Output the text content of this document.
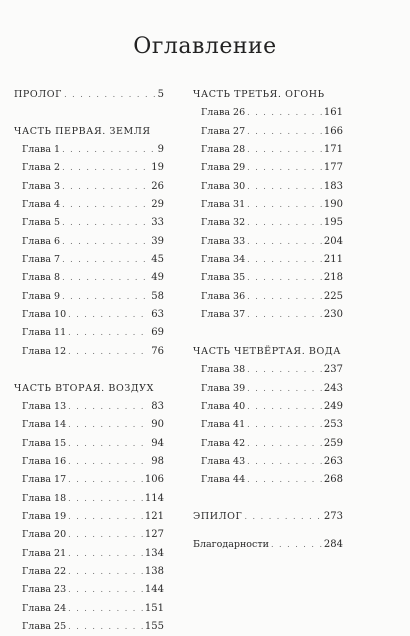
Оглавление
ПРОЛОГ . . .	5
ЧАСТЬ ПЕРВАЯ. ЗЕМЛЯ
Глава 1 . . .	9
Глава 2 . . .	19
Глава 3 . . .	26
Глава 4 . . .	29
Глава 5 . . .	33
Глава 6 . . .	39
Глава 7 . . .	45
Глава 8 . . .	49
Глава 9 . . .	58
Глава 10 . . .	63
Глава 11 . . .	69
Глава 12 . . .	76
ЧАСТЬ ВТОРАЯ. ВОЗДУХ
Глава 13 . . .	83
Глава 14 . . .	90
Глава 15 . . .	94
Глава 16 . . .	98
Глава 17 . . .	106
Глава 18 . . .	114
Глава 19 . . .	121
Глава 20 . . .	127
Глава 21 . . .	134
Глава 22 . . .	138
Глава 23 . . .	144
Глава 24 . . .	151
Глава 25 . . .	155
ЧАСТЬ ТРЕТЬЯ. ОГОНЬ
Глава 26 . . .	161
Глава 27 . . .	166
Глава 28 . . .	171
Глава 29 . . .	177
Глава 30 . . .	183
Глава 31 . . .	190
Глава 32 . . .	195
Глава 33 . . .	204
Глава 34 . . .	211
Глава 35 . . .	218
Глава 36 . . .	225
Глава 37 . . .	230
ЧАСТЬ ЧЕТВЁРТАЯ. ВОДА
Глава 38 . . .	237
Глава 39 . . .	243
Глава 40 . . .	249
Глава 41 . . .	253
Глава 42 . . .	259
Глава 43 . . .	263
Глава 44 . . .	268
ЭПИЛОГ . . .	273
Благодарности . . .	284
